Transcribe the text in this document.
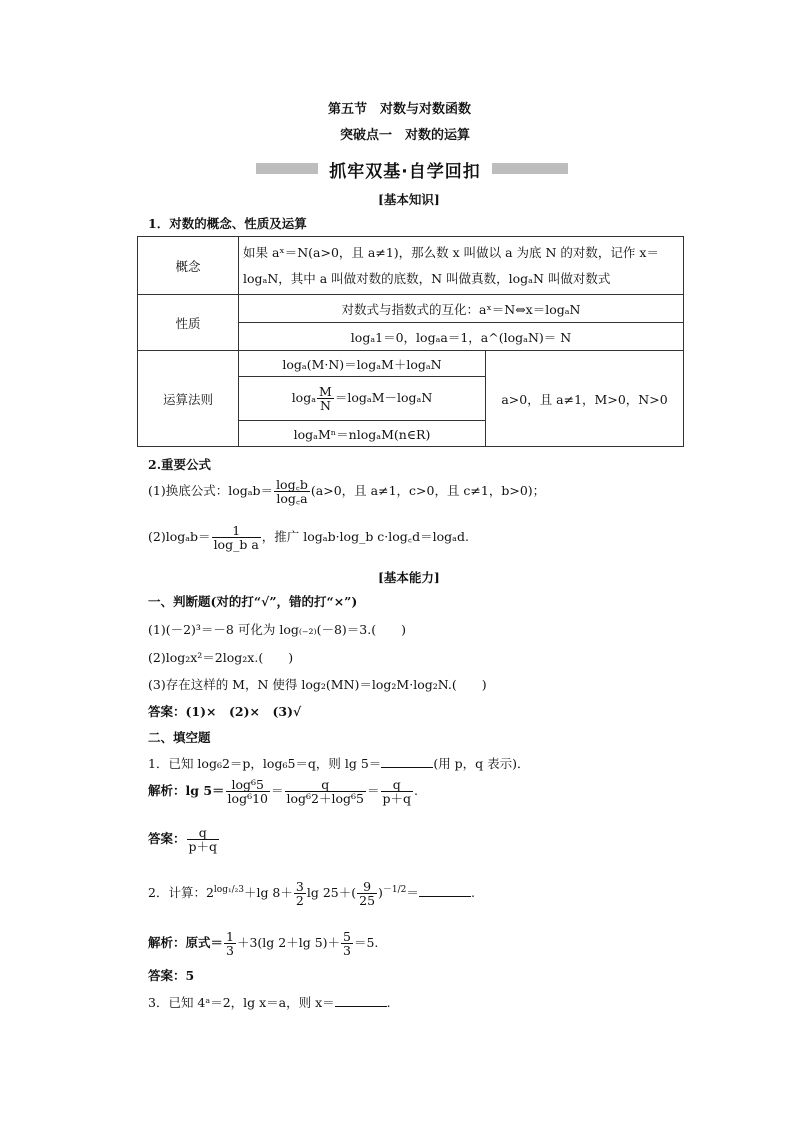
第五节　对数与对数函数
突破点一　对数的运算
抓牢双基·自学回扣
[基本知识]
1．对数的概念、性质及运算
概念	如果 aˣ＝N(a>0，且 a≠1)，那么数 x 叫做以 a 为底 N 的对数，记作 x＝
logₐN，其中 a 叫做对数的底数，N 叫做真数，logₐN 叫做对数式	

性质	对数式与指数式的互化：aˣ＝N⇔x＝logₐN	
	logₐ1＝0，logₐa＝1，a^(logₐN)＝ N	
运算法则	logₐ(M·N)＝logₐM＋logₐN	a>0，且 a≠1，M>0，N>0
	logₐ $\frac{M}{N} =\log_aM-\log_aN$	
	logₐMⁿ＝nlogₐM(n∈R)	
2.重要公式
(1)换底公式：$\log_ab= \frac{\log꜀b}{\log꜀a} (a>0$，且 a≠1，c>0，且 c≠1，b>0)；
$(2)\log_ab= \frac{1}{\text{log\_b a}}$ ，推广 logₐb·log_b c·log꜀d＝logₐd.
[基本能力]
一、判断题(对的打“√”，错的打“×”)
(1)(－2)³＝－8 可化为 log₍₋₂₎(－8)＝3.(　　)
(2)log₂x²＝2log₂x.(　　)
(3)存在这样的 M，N 使得 log₂(MN)＝log₂M·log₂N.(　　)
答案：(1)×　(2)×　(3)√
二、填空题
1．已知 log₆2＝p，log₆5＝q，则 lg 5＝	(用 p，q 表示)．
解析：$\lg 5= \frac{\text{log⁶5}}{\text{log⁶10}} = \frac{q}{\text{log⁶2＋log⁶5}} = \frac{q}{p+q}$ .
答案： $\frac{q}{p+q}$
2．计算：$2^{log_1/_23}+\lg$ $8+ \frac{3}{2}$ $\lg 25+( \frac{9}{25} )^{-1/2}=$	.
解析：原式＝ $\frac{1}{3} +3(\lg$ 2＋lg $5)+ \frac{5}{3} =5$.
答案：5
3．已知 4ᵃ＝2，lg x＝a，则 x＝	.
